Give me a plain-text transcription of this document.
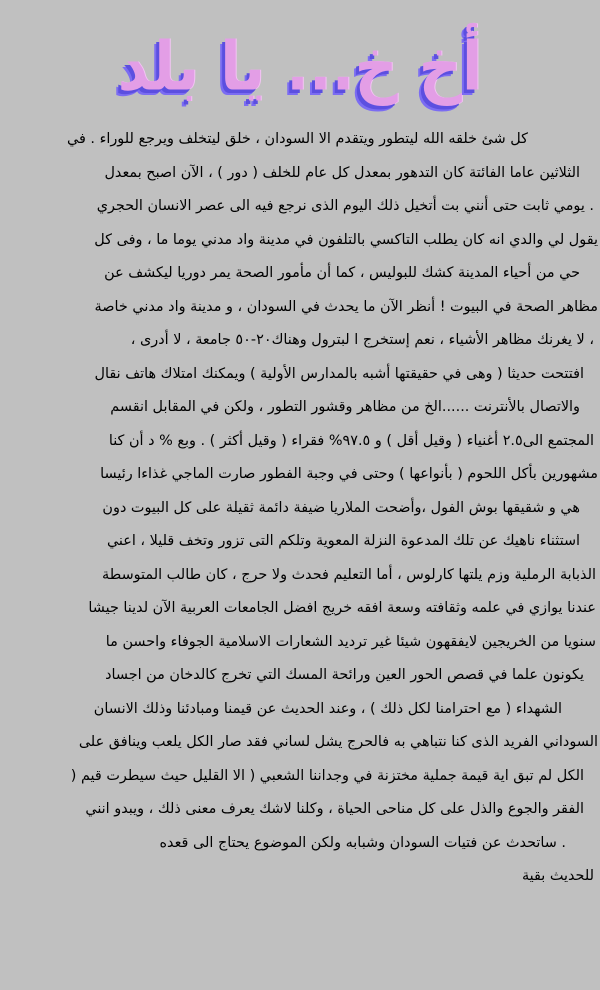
أخ خ... يا بلد
كل شئ خلقه الله ليتطور ويتقدم الا السودان ، خلق ليتخلف ويرجع للوراء . في
الثلاثين عاما الفائتة كان التدهور بمعدل كل عام للخلف ( دور ) ، الآن اصبح بمعدل
. يومي ثابت حتى أنني بت أتخيل ذلك اليوم الذى نرجع فيه الى عصر الانسان الحجري
يقول لي والدي انه كان يطلب التاكسي بالتلفون في مدينة واد مدني يوما ما ، وفى كل
حي من أحياء المدينة كشك للبوليس ، كما أن مأمور الصحة يمر دوريا ليكشف عن
مظاهر الصحة في البيوت ! أنظر الآن ما يحدث في السودان ، و مدينة واد مدني خاصة
، لا يغرنك مظاهر الأشياء ، نعم إستخرج ا لبترول وهناك٢٠-٥٠ جامعة ، لا أدرى ،
افتتحت حديثا ( وهى في حقيقتها أشبه بالمدارس الأولية ) ويمكنك امتلاك هاتف نقال
والاتصال بالأنترنت ......الخ من مظاهر وقشور التطور ، ولكن في المقابل انقسم
المجتمع الى٢.٥ أغنياء ( وقيل أقل ) و ٩٧.٥% فقراء ( وقيل أكثر ) . وبع % د أن كنا
مشهورين بأكل اللحوم ( بأنواعها ) وحتى في وجبة الفطور صارت الماجي غذاءا رئيسا
هي و شقيقها بوش الفول ،وأضحت الملاريا ضيفة دائمة ثقيلة على كل البيوت دون
استثناء ناهيك عن تلك المدعوة النزلة المعوية وتلكم التى تزور وتخف قليلا ، اعني
الذبابة الرملية وزم يلتها كارلوس ، أما التعليم فحدث ولا حرج ، كان طالب المتوسطة
عندنا يوازي في علمه وثقافته وسعة افقه خريج افضل الجامعات العربية الآن لدينا جيشا
سنويا من الخريجين لايفقهون شيئا غير ترديد الشعارات الاسلامية الجوفاء واحسن ما
يكونون علما في قصص الحور العين ورائحة المسك التي تخرج كالدخان من اجساد
الشهداء ( مع احترامنا لكل ذلك ) ، وعند الحديث عن قيمنا ومبادئنا وذلك الانسان
السوداني الفريد الذى كنا نتباهي به فالحرج يشل لساني فقد صار الكل يلعب وينافق على
الكل لم تبق اية قيمة جملية مختزنة في وجداننا الشعبي ( الا القليل حيث سيطرت قيم (
الفقر والجوع والذل على كل مناحى الحياة ، وكلنا لاشك يعرف معنى ذلك ، ويبدو انني
. ساتحدث عن فتيات السودان وشبابه ولكن الموضوع يحتاج الى قعده
للحديث بقية
